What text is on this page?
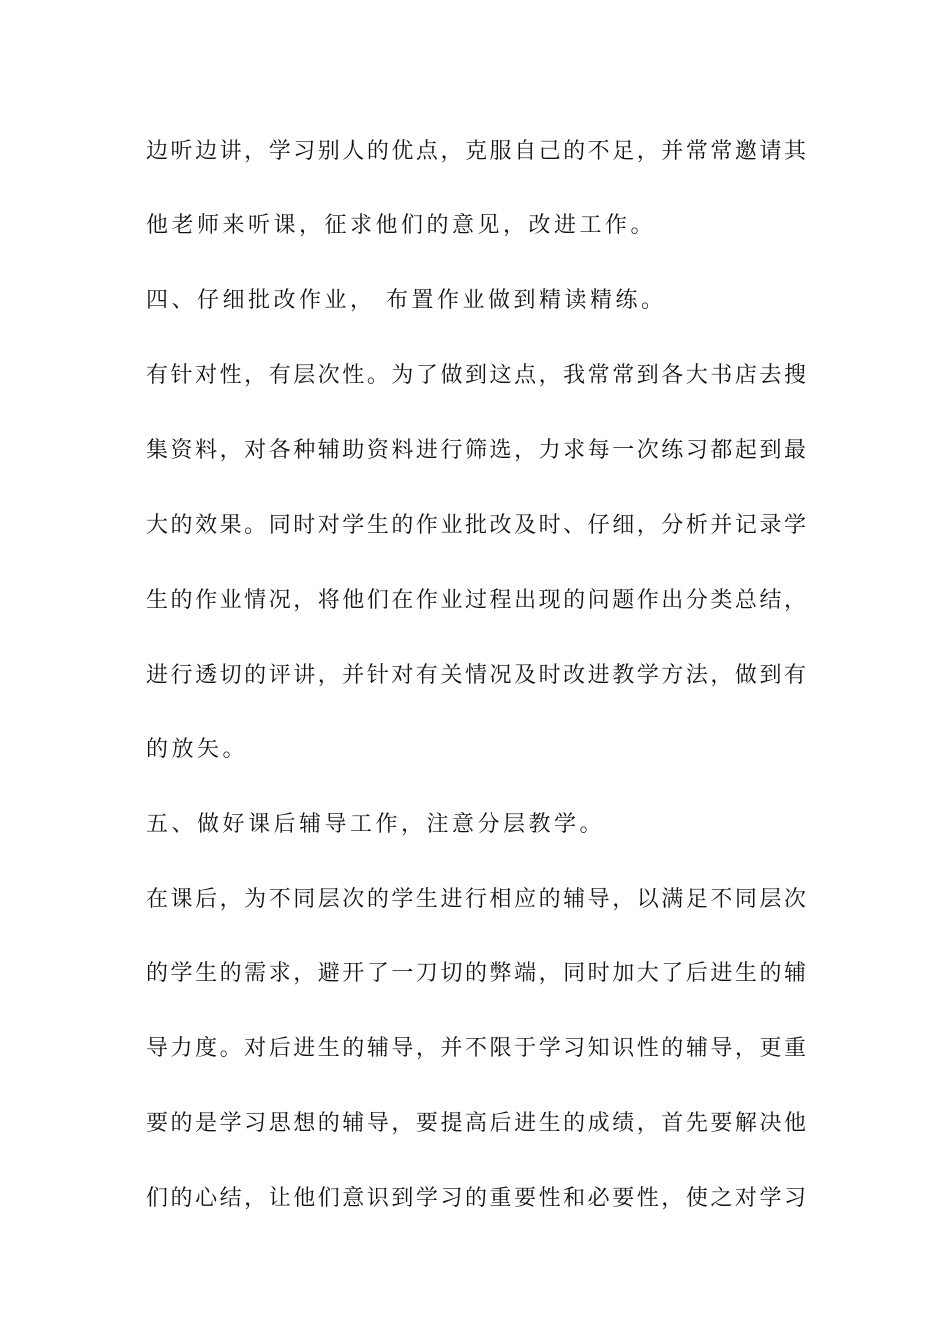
边听边讲，学习别人的优点，克服自己的不足，并常常邀请其
他老师来听课，征求他们的意见，改进工作。
四、仔细批改作业， 布置作业做到精读精练。
有针对性，有层次性。为了做到这点，我常常到各大书店去搜
集资料，对各种辅助资料进行筛选，力求每一次练习都起到最
大的效果。同时对学生的作业批改及时、仔细，分析并记录学
生的作业情况，将他们在作业过程出现的问题作出分类总结，
进行透切的评讲，并针对有关情况及时改进教学方法，做到有
的放矢。
五、做好课后辅导工作，注意分层教学。
在课后，为不同层次的学生进行相应的辅导，以满足不同层次
的学生的需求，避开了一刀切的弊端，同时加大了后进生的辅
导力度。对后进生的辅导，并不限于学习知识性的辅导，更重
要的是学习思想的辅导，要提高后进生的成绩，首先要解决他
们的心结，让他们意识到学习的重要性和必要性，使之对学习
